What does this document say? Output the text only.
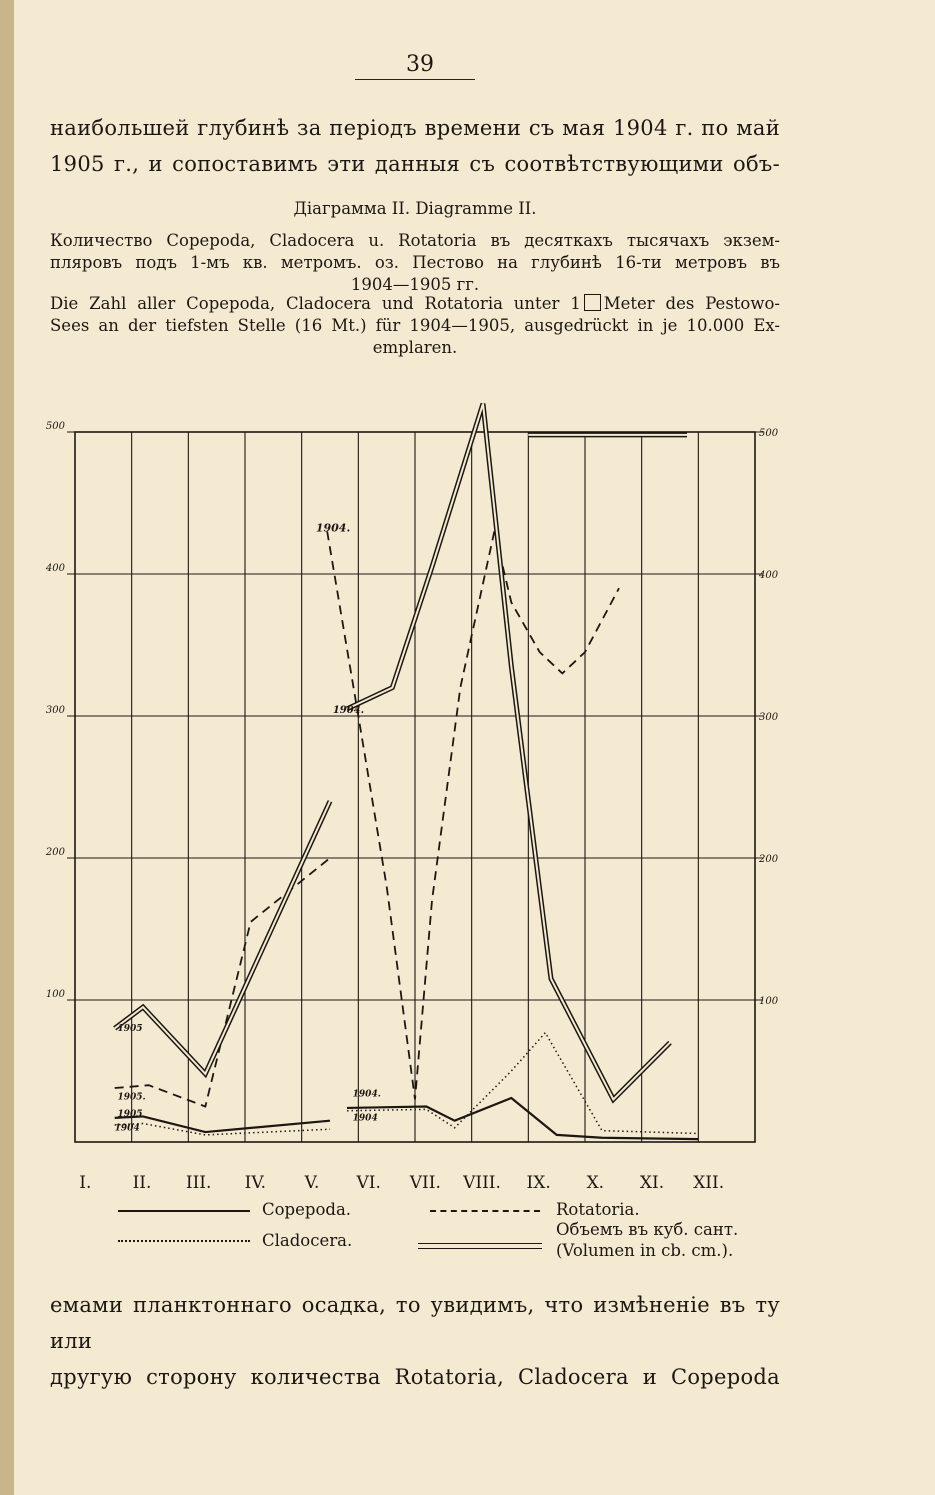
39
наибольшей глубинѣ за періодъ времени съ мая 1904 г. по май
1905 г., и сопоставимъ эти данныя съ соотвѣтствующими объ-
Діаграмма II. Diagramme II.
Количество Copepoda, Cladocera u. Rotatoria въ десяткахъ тысячахъ экзем-
пляровъ подъ 1-мъ кв. метромъ. оз. Пестово на глубинѣ 16-ти метровъ въ
1904—1905 гг.
Die Zahl aller Copepoda, Cladocera und Rotatoria unter 1 Meter des Pestowo-
Sees an der tiefsten Stelle (16 Mt.) für 1904—1905, ausgedrückt in je 10.000 Ex-
emplaren.
100
100
200
200
300
300
400
400
500
500
I. II. III. IV. V. VI. VII. VIII. IX. X. XI. XII.
1904.
1904.
1905
1905.
1905
1904
1904.
1904
Copepoda.
Cladocera.
Rotatoria.
Объемъ въ куб. сант.
(Volumen in cb. cm.).
емами планктоннаго осадка, то увидимъ, что измѣненіе въ ту или
другую сторону количества Rotatoria, Cladocera и Copepoda
